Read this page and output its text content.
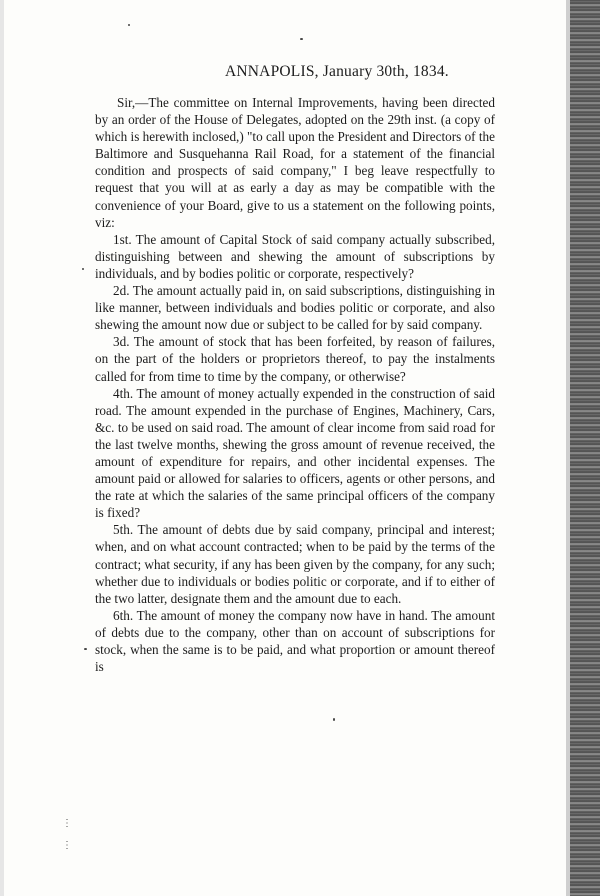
ANNAPOLIS, January 30th, 1834.

Sir,—The committee on Internal Improvements, having been directed by an order of the House of Delegates, adopted on the 29th inst. (a copy of which is herewith inclosed,) "to call upon the President and Directors of the Baltimore and Susquehanna Rail Road, for a statement of the financial condition and prospects of said company," I beg leave respectfully to request that you will at as early a day as may be compatible with the convenience of your Board, give to us a statement on the following points, viz:

1st. The amount of Capital Stock of said company actually subscribed, distinguishing between and shewing the amount of subscriptions by individuals, and by bodies politic or corporate, respectively?

2d. The amount actually paid in, on said subscriptions, distinguishing in like manner, between individuals and bodies politic or corporate, and also shewing the amount now due or subject to be called for by said company.

3d. The amount of stock that has been forfeited, by reason of failures, on the part of the holders or proprietors thereof, to pay the instalments called for from time to time by the company, or otherwise?

4th. The amount of money actually expended in the construction of said road. The amount expended in the purchase of Engines, Machinery, Cars, &c. to be used on said road. The amount of clear income from said road for the last twelve months, shewing the gross amount of revenue received, the amount of expenditure for repairs, and other incidental expenses. The amount paid or allowed for salaries to officers, agents or other persons, and the rate at which the salaries of the same principal officers of the company is fixed?

5th. The amount of debts due by said company, principal and interest; when, and on what account contracted; when to be paid by the terms of the contract; what security, if any has been given by the company, for any such; whether due to individuals or bodies politic or corporate, and if to either of the two latter, designate them and the amount due to each.

6th. The amount of money the company now have in hand. The amount of debts due to the company, other than on account of subscriptions for stock, when the same is to be paid, and what proportion or amount thereof is

⋮
⋮
